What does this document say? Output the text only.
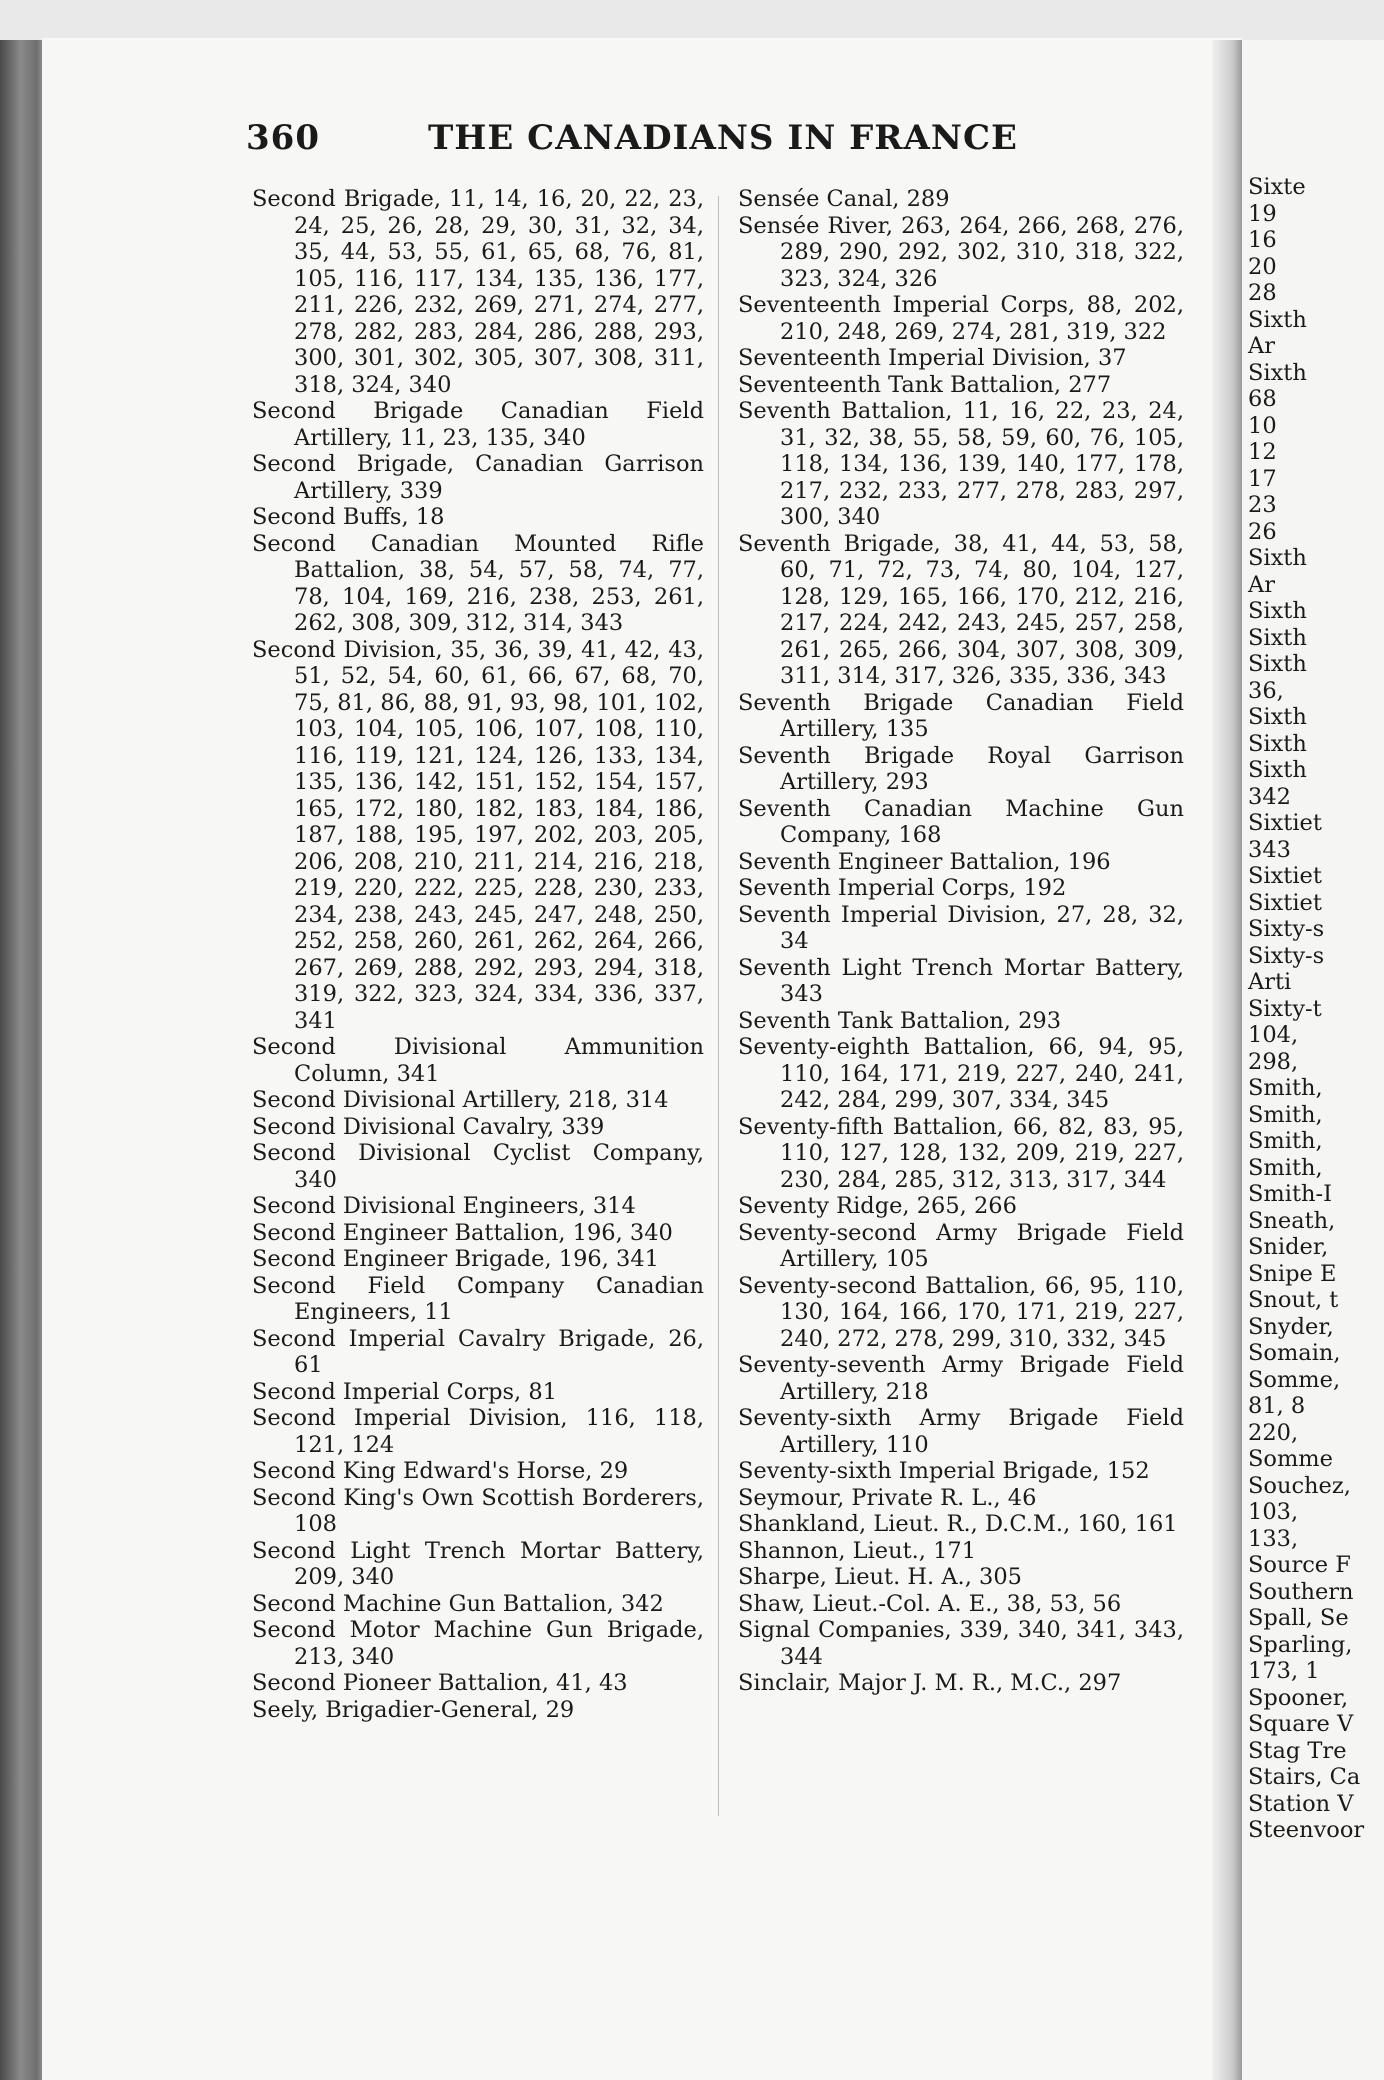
360	THE CANADIANS IN FRANCE

Second Brigade, 11, 14, 16, 20, 22, 23, 24, 25, 26, 28, 29, 30, 31, 32, 34, 35, 44, 53, 55, 61, 65, 68, 76, 81, 105, 116, 117, 134, 135, 136, 177, 211, 226, 232, 269, 271, 274, 277, 278, 282, 283, 284, 286, 288, 293, 300, 301, 302, 305, 307, 308, 311, 318, 324, 340

Second Brigade Canadian Field Artillery, 11, 23, 135, 340

Second Brigade, Canadian Garrison Artillery, 339

Second Buffs, 18

Second Canadian Mounted Rifle Battalion, 38, 54, 57, 58, 74, 77, 78, 104, 169, 216, 238, 253, 261, 262, 308, 309, 312, 314, 343

Second Division, 35, 36, 39, 41, 42, 43, 51, 52, 54, 60, 61, 66, 67, 68, 70, 75, 81, 86, 88, 91, 93, 98, 101, 102, 103, 104, 105, 106, 107, 108, 110, 116, 119, 121, 124, 126, 133, 134, 135, 136, 142, 151, 152, 154, 157, 165, 172, 180, 182, 183, 184, 186, 187, 188, 195, 197, 202, 203, 205, 206, 208, 210, 211, 214, 216, 218, 219, 220, 222, 225, 228, 230, 233, 234, 238, 243, 245, 247, 248, 250, 252, 258, 260, 261, 262, 264, 266, 267, 269, 288, 292, 293, 294, 318, 319, 322, 323, 324, 334, 336, 337, 341

Second Divisional Ammunition Column, 341

Second Divisional Artillery, 218, 314

Second Divisional Cavalry, 339

Second Divisional Cyclist Company, 340

Second Divisional Engineers, 314

Second Engineer Battalion, 196, 340

Second Engineer Brigade, 196, 341

Second Field Company Canadian Engineers, 11

Second Imperial Cavalry Brigade, 26, 61

Second Imperial Corps, 81

Second Imperial Division, 116, 118, 121, 124

Second King Edward's Horse, 29

Second King's Own Scottish Borderers, 108

Second Light Trench Mortar Battery, 209, 340

Second Machine Gun Battalion, 342

Second Motor Machine Gun Brigade, 213, 340

Second Pioneer Battalion, 41, 43

Seely, Brigadier-General, 29

Sensée Canal, 289

Sensée River, 263, 264, 266, 268, 276, 289, 290, 292, 302, 310, 318, 322, 323, 324, 326

Seventeenth Imperial Corps, 88, 202, 210, 248, 269, 274, 281, 319, 322

Seventeenth Imperial Division, 37

Seventeenth Tank Battalion, 277

Seventh Battalion, 11, 16, 22, 23, 24, 31, 32, 38, 55, 58, 59, 60, 76, 105, 118, 134, 136, 139, 140, 177, 178, 217, 232, 233, 277, 278, 283, 297, 300, 340

Seventh Brigade, 38, 41, 44, 53, 58, 60, 71, 72, 73, 74, 80, 104, 127, 128, 129, 165, 166, 170, 212, 216, 217, 224, 242, 243, 245, 257, 258, 261, 265, 266, 304, 307, 308, 309, 311, 314, 317, 326, 335, 336, 343

Seventh Brigade Canadian Field Artillery, 135

Seventh Brigade Royal Garrison Artillery, 293

Seventh Canadian Machine Gun Company, 168

Seventh Engineer Battalion, 196

Seventh Imperial Corps, 192

Seventh Imperial Division, 27, 28, 32, 34

Seventh Light Trench Mortar Battery, 343

Seventh Tank Battalion, 293

Seventy-eighth Battalion, 66, 94, 95, 110, 164, 171, 219, 227, 240, 241, 242, 284, 299, 307, 334, 345

Seventy-fifth Battalion, 66, 82, 83, 95, 110, 127, 128, 132, 209, 219, 227, 230, 284, 285, 312, 313, 317, 344

Seventy Ridge, 265, 266

Seventy-second Army Brigade Field Artillery, 105

Seventy-second Battalion, 66, 95, 110, 130, 164, 166, 170, 171, 219, 227, 240, 272, 278, 299, 310, 332, 345

Seventy-seventh Army Brigade Field Artillery, 218

Seventy-sixth Army Brigade Field Artillery, 110

Seventy-sixth Imperial Brigade, 152

Seymour, Private R. L., 46

Shankland, Lieut. R., D.C.M., 160, 161

Shannon, Lieut., 171

Sharpe, Lieut. H. A., 305

Shaw, Lieut.-Col. A. E., 38, 53, 56

Signal Companies, 339, 340, 341, 343, 344

Sinclair, Major J. M. R., M.C., 297

Sixte

19

16

20

28

Sixth

Ar

Sixth

68

10

12

17

23

26

Sixth

Ar

Sixth

Sixth

Sixth

36,

Sixth

Sixth

Sixth

342

Sixtiet

343

Sixtiet

Sixtiet

Sixty-s

Sixty-s

Arti

Sixty-t

104,

298,

Smith,

Smith,

Smith,

Smith,

Smith-I

Sneath,

Snider,

Snipe E

Snout, t

Snyder,

Somain,

Somme,

81, 8

220,

Somme

Souchez,

103,

133,

Source F

Southern

Spall, Se

Sparling,

173, 1

Spooner,

Square V

Stag Tre

Stairs, Ca

Station V

Steenvoor
